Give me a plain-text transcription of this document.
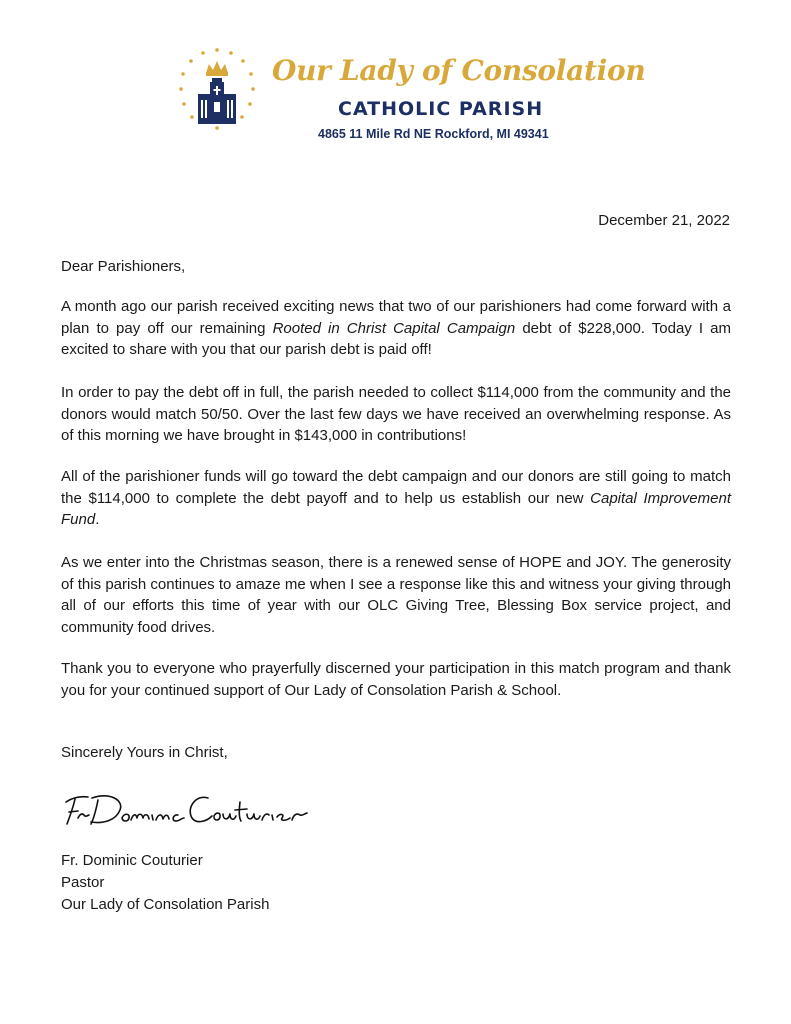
Our Lady of Consolation
CATHOLIC PARISH
4865 11 Mile Rd NE Rockford, MI 49341
December 21, 2022
Dear Parishioners,

A month ago our parish received exciting news that two of our parishioners had come forward with a plan to pay off our remaining Rooted in Christ Capital Campaign debt of $228,000. Today I am excited to share with you that our parish debt is paid off!

In order to pay the debt off in full, the parish needed to collect $114,000 from the community and the donors would match 50/50. Over the last few days we have received an overwhelming response. As of this morning we have brought in $143,000 in contributions!

All of the parishioner funds will go toward the debt campaign and our donors are still going to match the $114,000 to complete the debt payoff and to help us establish our new Capital Improvement Fund.

As we enter into the Christmas season, there is a renewed sense of HOPE and JOY. The generosity of this parish continues to amaze me when I see a response like this and witness your giving through all of our efforts this time of year with our OLC Giving Tree, Blessing Box service project, and community food drives.

Thank you to everyone who prayerfully discerned your participation in this match program and thank you for your continued support of Our Lady of Consolation Parish & School.

Sincerely Yours in Christ,
Fr. Dominic Couturier
Pastor
Our Lady of Consolation Parish
